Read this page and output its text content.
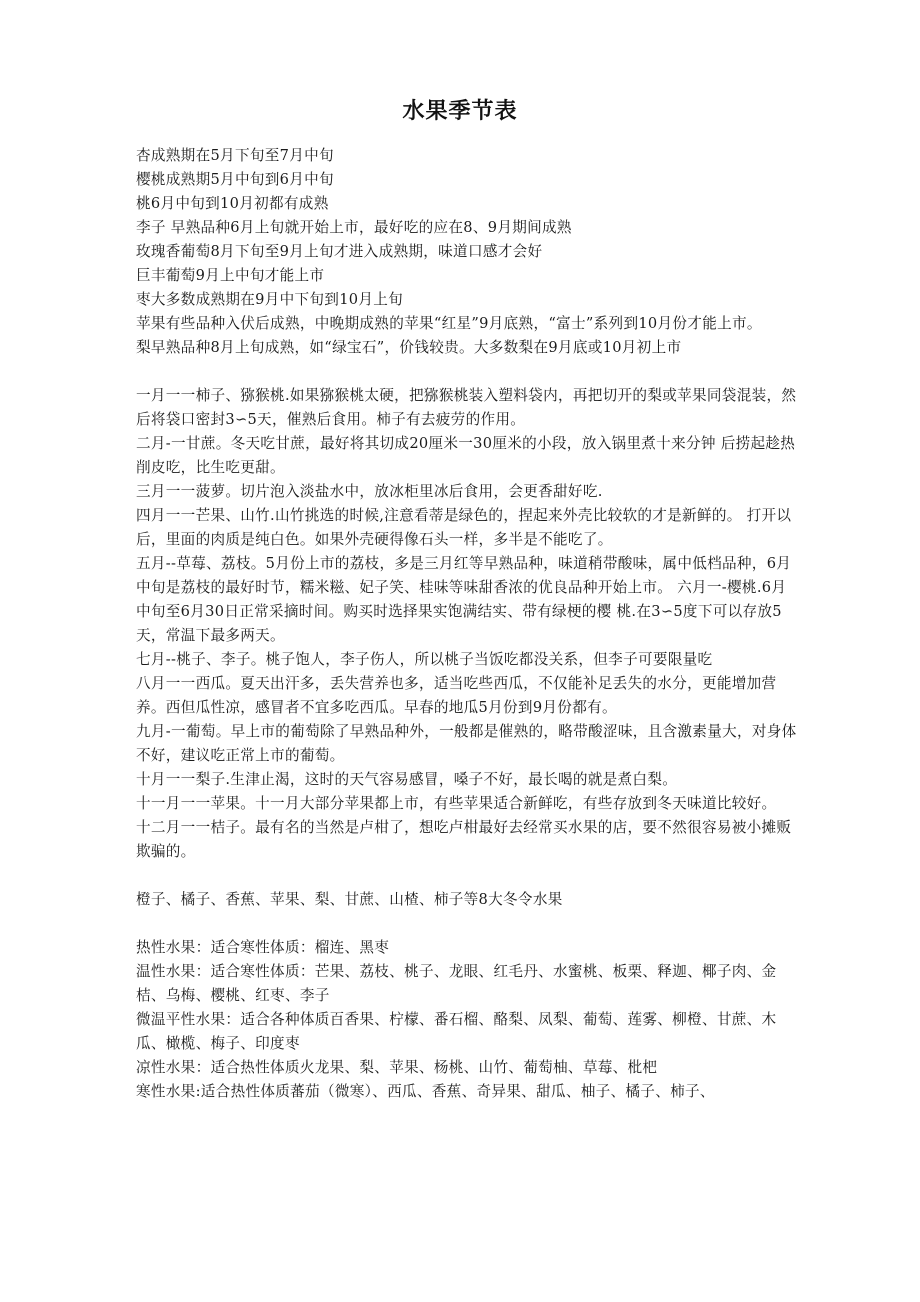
水果季节表

杏成熟期在5月下旬至7月中旬

樱桃成熟期5月中旬到6月中旬

桃6月中旬到10月初都有成熟

李子 早熟品种6月上旬就开始上市，最好吃的应在8、9月期间成熟

玫瑰香葡萄8月下旬至9月上旬才进入成熟期，味道口感才会好

巨丰葡萄9月上中旬才能上市

枣大多数成熟期在9月中下旬到10月上旬

苹果有些品种入伏后成熟，中晚期成熟的苹果“红星”9月底熟，“富士”系列到10月份才能上市。

梨早熟品种8月上旬成熟，如“绿宝石”，价钱较贵。大多数梨在9月底或10月初上市

一月一一柿子、猕猴桃.如果猕猴桃太硬，把猕猴桃装入塑料袋内，再把切开的梨或苹果同袋混装，然后将袋口密封3∽5天，催熟后食用。柿子有去疲劳的作用。

二月-一甘蔗。冬天吃甘蔗，最好将其切成20厘米一30厘米的小段，放入锅里煮十来分钟 后捞起趁热削皮吃，比生吃更甜。

三月一一菠萝。切片泡入淡盐水中，放冰柜里冰后食用，会更香甜好吃.

四月一一芒果、山竹.山竹挑选的时候,注意看蒂是绿色的，捏起来外壳比较软的才是新鲜的。 打开以后，里面的肉质是纯白色。如果外壳硬得像石头一样，多半是不能吃了。

五月--草莓、荔枝。5月份上市的荔枝，多是三月红等早熟品种，味道稍带酸味，属中低档品种，6月中旬是荔枝的最好时节，糯米糍、妃子笑、桂味等味甜香浓的优良品种开始上市。 六月一-樱桃.6月中旬至6月30日正常采摘时间。购买时选择果实饱满结实、带有绿梗的樱 桃.在3∽5度下可以存放5天，常温下最多两天。

七月--桃子、李子。桃子饱人，李子伤人，所以桃子当饭吃都没关系，但李子可要限量吃

八月一一西瓜。夏天出汗多，丢失营养也多，适当吃些西瓜，不仅能补足丢失的水分，更能增加营养。西但瓜性凉，感冒者不宜多吃西瓜。早春的地瓜5月份到9月份都有。

九月-一葡萄。早上市的葡萄除了早熟品种外，一般都是催熟的，略带酸涩味，且含激素量大，对身体不好，建议吃正常上市的葡萄。

十月一一梨子.生津止渴，这时的天气容易感冒，嗓子不好，最长喝的就是煮白梨。

十一月一一苹果。十一月大部分苹果都上市，有些苹果适合新鲜吃，有些存放到冬天味道比较好。

十二月一一桔子。最有名的当然是卢柑了，想吃卢柑最好去经常买水果的店，要不然很容易被小摊贩欺骗的。

橙子、橘子、香蕉、苹果、梨、甘蔗、山楂、柿子等8大冬令水果

热性水果：适合寒性体质：榴连、黑枣

温性水果：适合寒性体质：芒果、荔枝、桃子、龙眼、红毛丹、水蜜桃、板栗、释迦、椰子肉、金桔、乌梅、樱桃、红枣、李子

微温平性水果：适合各种体质百香果、柠檬、番石榴、酪梨、凤梨、葡萄、莲雾、柳橙、甘蔗、木瓜、橄榄、梅子、印度枣

凉性水果：适合热性体质火龙果、梨、苹果、杨桃、山竹、葡萄柚、草莓、枇杷

寒性水果:适合热性体质蕃茄（微寒）、西瓜、香蕉、奇异果、甜瓜、柚子、橘子、柿子、
